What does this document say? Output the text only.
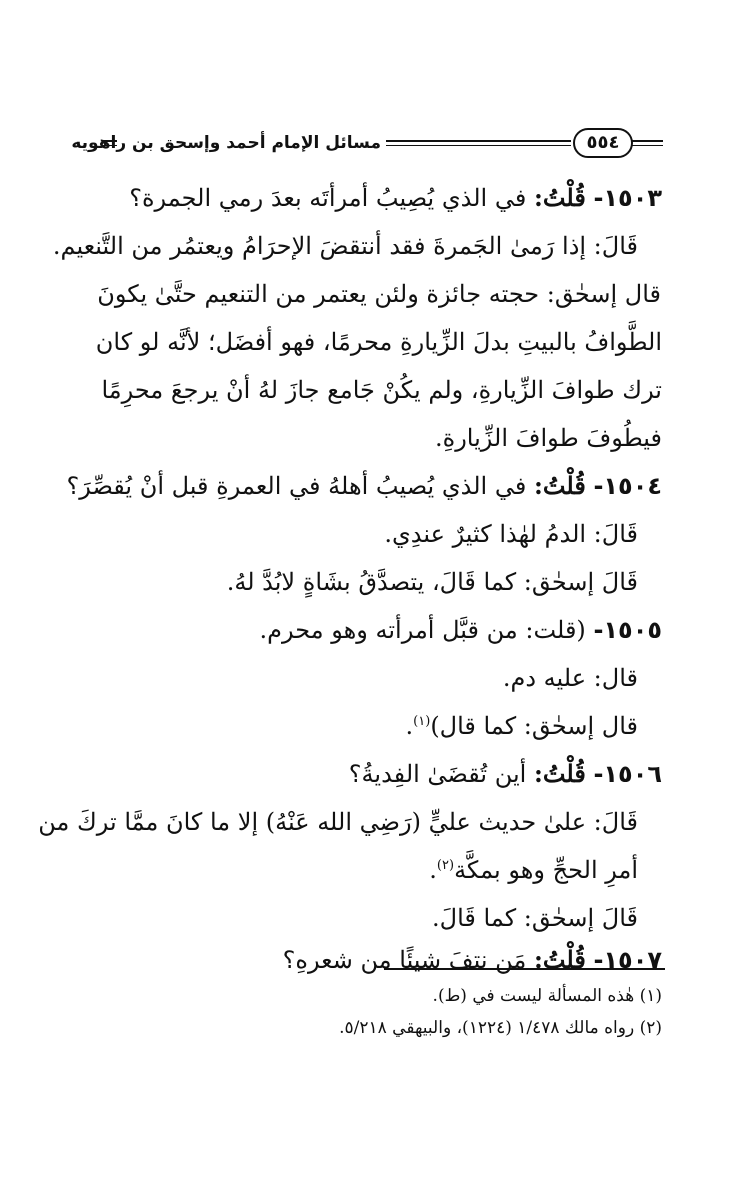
مسائل الإمام أحمد وإسحق بن راهويه	٥٥٤
١٥٠٣- قُلْتُ: في الذي يُصِيبُ أمرأتَه بعدَ رمي الجمرة؟
قَالَ: إذا رَمىٰ الجَمرةَ فقد أنتقضَ الإحرَامُ ويعتمُر من التَّنعيم.
قال إسحٰق: حجته جائزة ولئن يعتمر من التنعيم حتَّىٰ يكونَ
الطَّوافُ بالبيتِ بدلَ الزِّيارةِ محرمًا، فهو أفضَل؛ لأنَّه لو كان
ترك طوافَ الزِّيارةِ، ولم يكُنْ جَامع جازَ لهُ أنْ يرجعَ محرِمًا
فيطُوفَ طوافَ الزِّيارةِ.
١٥٠٤- قُلْتُ: في الذي يُصيبُ أهلهُ في العمرةِ قبل أنْ يُقصِّرَ؟
قَالَ: الدمُ لهٰذا كثيرٌ عندِي.
قَالَ إسحٰق: كما قَالَ، يتصدَّقُ بشَاةٍ لابُدَّ لهُ.
١٥٠٥- (قلت: من قبَّل أمرأته وهو محرم.
قال: عليه دم.
قال إسحٰق: كما قال)$^{(١)}$.
١٥٠٦- قُلْتُ: أين تُقضَىٰ الفِديةُ؟
قَالَ: علىٰ حديث عليٍّ (رَضِي الله عَنْهُ) إلا ما كانَ ممَّا تركَ من
أمرِ الحجِّ وهو بمكَّة$^{(٢)}$.
قَالَ إسحٰق: كما قَالَ.
١٥٠٧- قُلْتُ: مَن نتفَ شيئًا من شعرهِ؟
(١) هٰذه المسألة ليست في (ط).
(٢) رواه مالك ١/٤٧٨ (١٢٢٤)، والبيهقي ٥/٢١٨.
